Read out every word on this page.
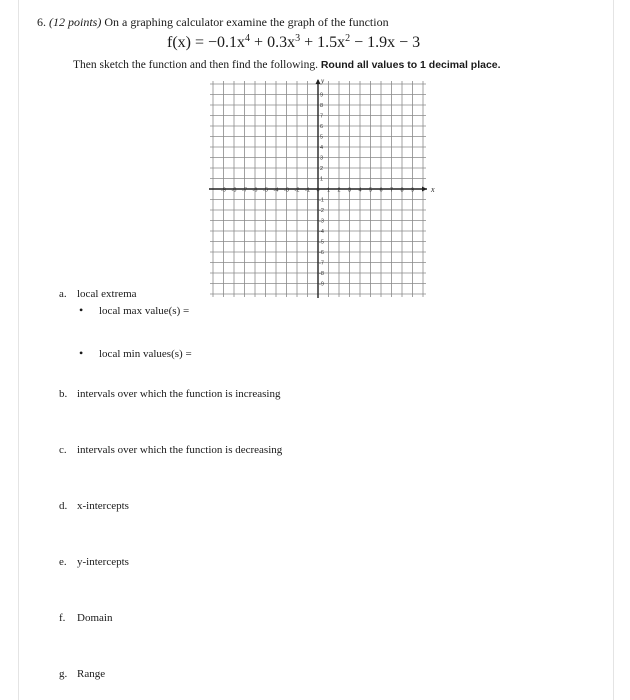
6. (12 points) On a graphing calculator examine the graph of the function
$f(x) = -0.1x^4 + 0.3x^3 + 1.5x^2 - 1.9x - 3$
Then sketch the function and then find the following. Round all values to 1 decimal place.
x
y
-9 -8 -7 -6 -5 -4 -3 -2 -1 0 1 2 3 4 5 6 7 8 9
9
8
7
6
5
4
3
2
1
-1
-2
-3
-4
-5
-6
-7
-8
-9
a. local extrema
• local max value(s) =
• local min values(s) =
b. intervals over which the function is increasing
c. intervals over which the function is decreasing
d. x-intercepts
e. y-intercepts
f. Domain
g. Range
